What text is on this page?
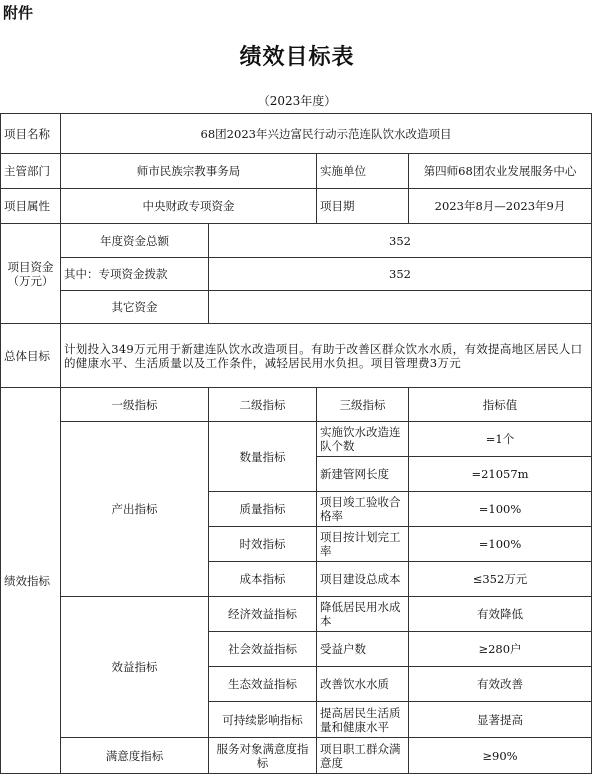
附件
绩效目标表
（2023年度）
项目名称	68团2023年兴边富民行动示范连队饮水改造项目			
主管部门	师市民族宗教事务局		实施单位	第四师68团农业发展服务中心
项目属性	中央财政专项资金		项目期	2023年8月—2023年9月
项目资金（万元）	年度资金总额	352		
	其中：专项资金拨款	352		
	其它资金			
总体目标	计划投入349万元用于新建连队饮水改造项目。有助于改善区群众饮水水质，有效提高地区居民人口的健康水平、生活质量以及工作条件，减轻居民用水负担。项目管理费3万元			
绩效指标	一级指标	二级指标	三级指标	指标值
	产出指标	数量指标	实施饮水改造连队个数	=1个
			新建管网长度	=21057m
		质量指标	项目竣工验收合格率	=100%
		时效指标	项目按计划完工率	=100%
		成本指标	项目建设总成本	≤352万元
	效益指标	经济效益指标	降低居民用水成本	有效降低
		社会效益指标	受益户数	≥280户
		生态效益指标	改善饮水水质	有效改善
		可持续影响指标	提高居民生活质量和健康水平	显著提高
	满意度指标	服务对象满意度指标	项目职工群众满意度	≥90%
